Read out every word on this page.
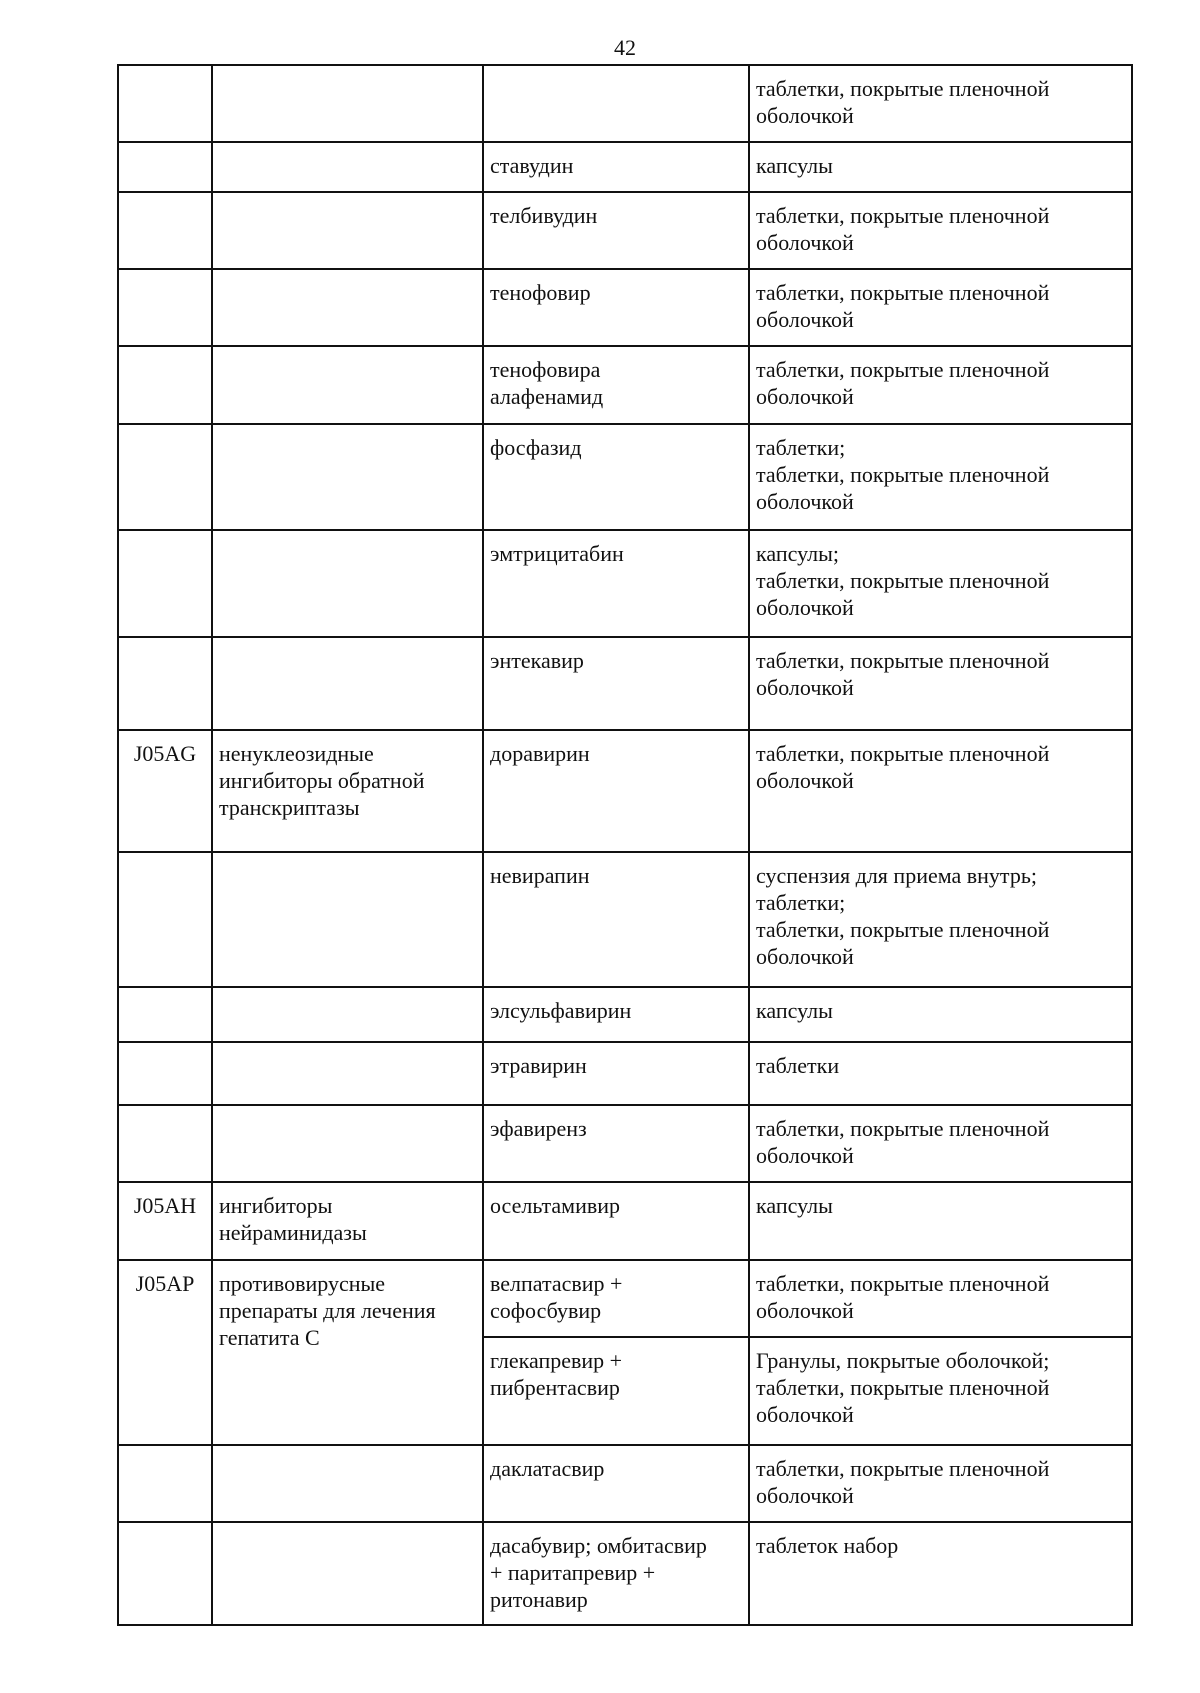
42
			таблетки, покрытые пленочной
оболочкой
		ставудин	капсулы
		телбивудин	таблетки, покрытые пленочной
оболочкой
		тенофовир	таблетки, покрытые пленочной
оболочкой
		тенофовира
алафенамид	таблетки, покрытые пленочной
оболочкой
		фосфазид	таблетки;
таблетки, покрытые пленочной
оболочкой
		эмтрицитабин	капсулы;
таблетки, покрытые пленочной
оболочкой
		энтекавир	таблетки, покрытые пленочной
оболочкой
J05AG	ненуклеозидные
ингибиторы обратной
транскриптазы	доравирин	таблетки, покрытые пленочной
оболочкой
		невирапин	суспензия для приема внутрь;
таблетки;
таблетки, покрытые пленочной
оболочкой
		элсульфавирин	капсулы
		этравирин	таблетки
		эфавиренз	таблетки, покрытые пленочной
оболочкой
J05AH	ингибиторы
нейраминидазы	осельтамивир	капсулы
J05AP	противовирусные
препараты для лечения
гепатита С	велпатасвир +
софосбувир	таблетки, покрытые пленочной
оболочкой
		глекапревир +
пибрентасвир	Гранулы, покрытые оболочкой;
таблетки, покрытые пленочной
оболочкой
		даклатасвир	таблетки, покрытые пленочной
оболочкой
		дасабувир; омбитасвир
+ паритапревир +
ритонавир	таблеток набор
